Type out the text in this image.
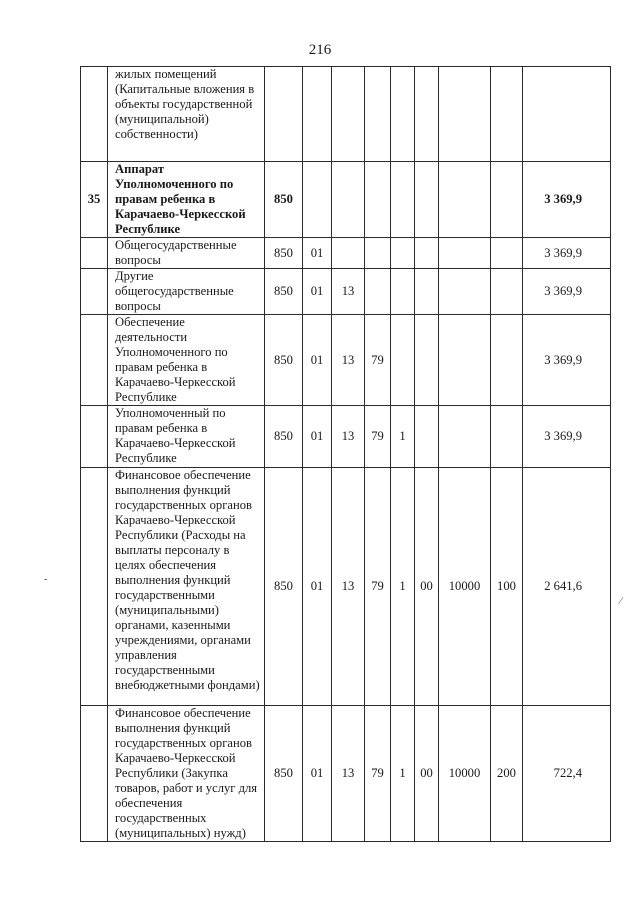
216
	жилых помещений (Капитальные вложения в объекты государственной (муниципальной) собственности)									
35	Аппарат Уполномоченного по правам ребенка в Карачаево-Черкесской Республике	850								3 369,9
	Общегосударственные вопросы	850	01							3 369,9
	Другие общегосударственные вопросы	850	01	13						3 369,9
	Обеспечение деятельности Уполномоченного по правам ребенка в Карачаево-Черкесской Республике	850	01	13	79					3 369,9
	Уполномоченный по правам ребенка в Карачаево-Черкесской Республике	850	01	13	79	1				3 369,9
	Финансовое обеспечение выполнения функций государственных органов Карачаево-Черкесской Республики (Расходы на выплаты персоналу в целях обеспечения выполнения функций государственными (муниципальными) органами, казенными учреждениями, органами управления государственными внебюджетными фондами)	850	01	13	79	1	00	10000	100	2 641,6
	Финансовое обеспечение выполнения функций государственных органов Карачаево-Черкесской Республики (Закупка товаров, работ и услуг для обеспечения государственных (муниципальных) нужд)	850	01	13	79	1	00	10000	200	722,4
-
⁄
